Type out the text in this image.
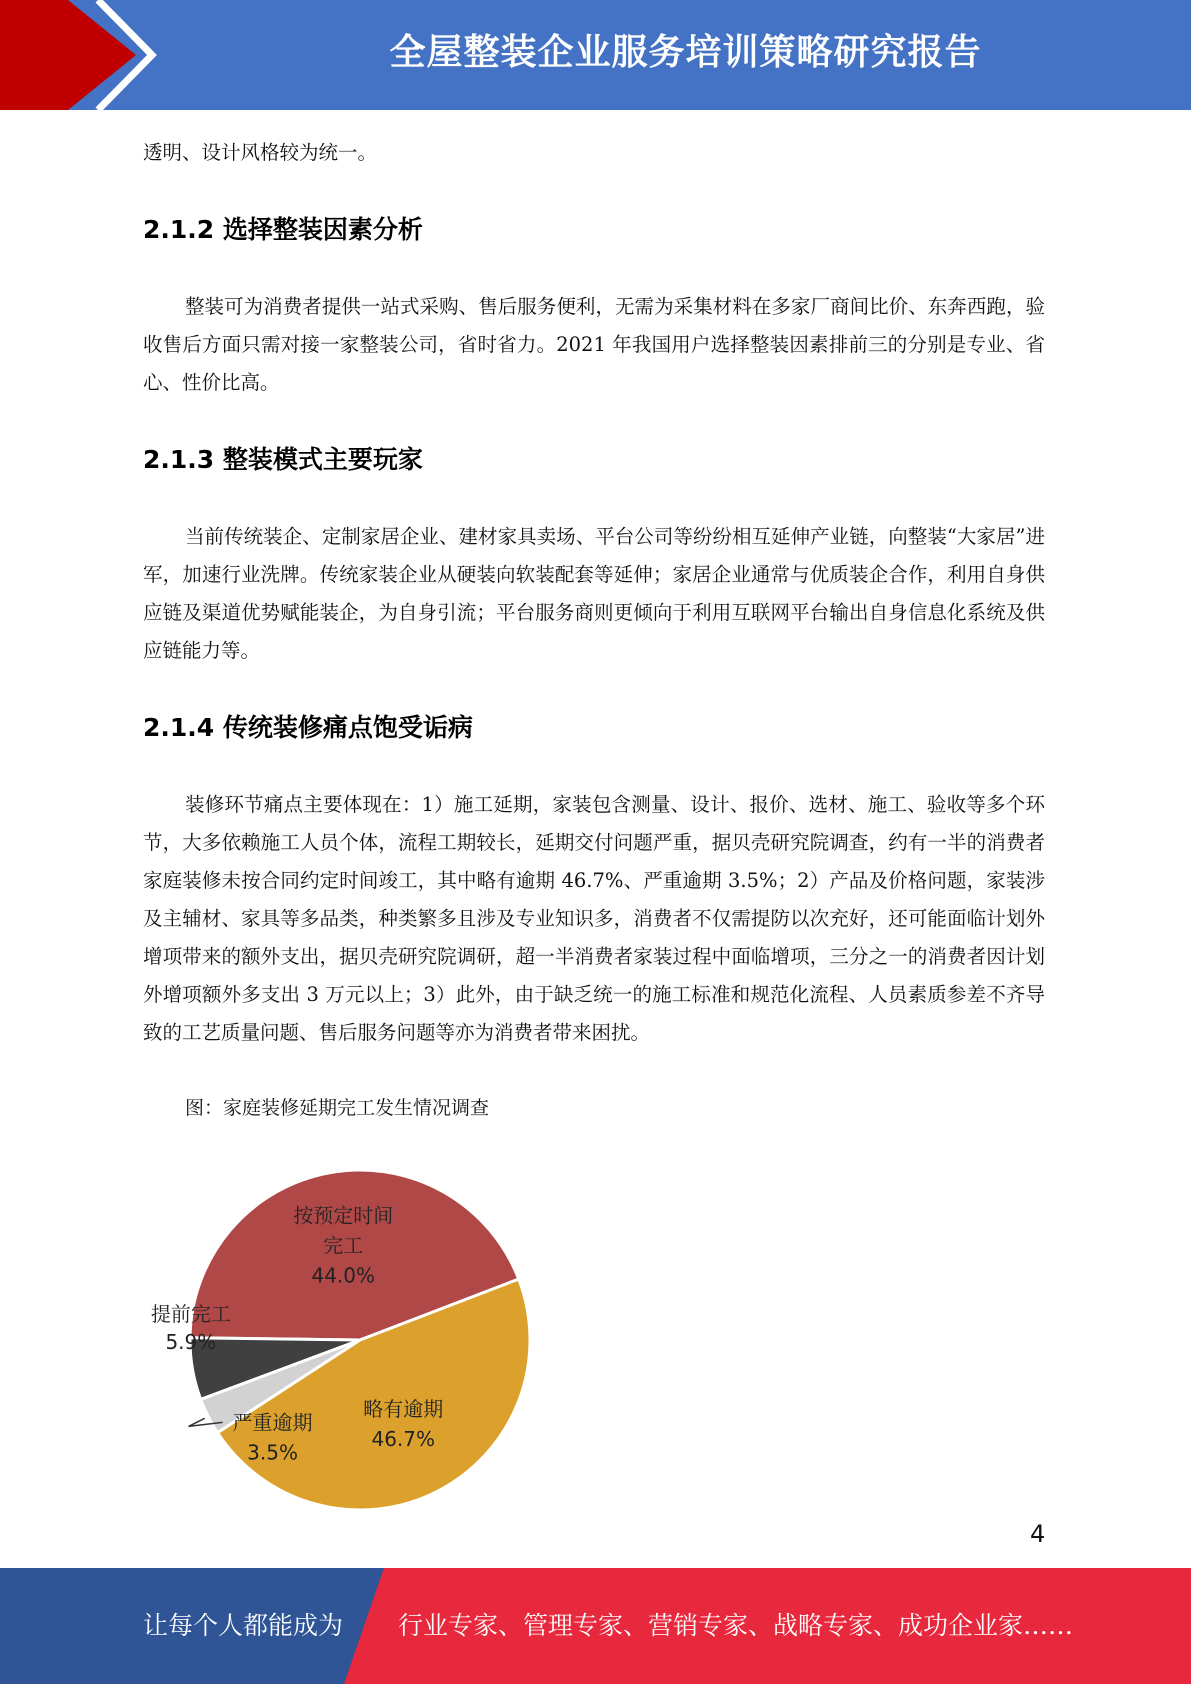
全屋整装企业服务培训策略研究报告

透明、设计风格较为统一。

2.1.2 选择整装因素分析

整装可为消费者提供一站式采购、售后服务便利，无需为采集材料在多家厂商间比价、东奔西跑，验收售后方面只需对接一家整装公司，省时省力。2021 年我国用户选择整装因素排前三的分别是专业、省心、性价比高。

2.1.3 整装模式主要玩家

当前传统装企、定制家居企业、建材家具卖场、平台公司等纷纷相互延伸产业链，向整装“大家居”进军，加速行业洗牌。传统家装企业从硬装向软装配套等延伸；家居企业通常与优质装企合作，利用自身供应链及渠道优势赋能装企，为自身引流；平台服务商则更倾向于利用互联网平台输出自身信息化系统及供应链能力等。

2.1.4 传统装修痛点饱受诟病

装修环节痛点主要体现在：1）施工延期，家装包含测量、设计、报价、选材、施工、验收等多个环节，大多依赖施工人员个体，流程工期较长，延期交付问题严重，据贝壳研究院调查，约有一半的消费者家庭装修未按合同约定时间竣工，其中略有逾期 46.7%、严重逾期 3.5%；2）产品及价格问题，家装涉及主辅材、家具等多品类，种类繁多且涉及专业知识多，消费者不仅需提防以次充好，还可能面临计划外增项带来的额外支出，据贝壳研究院调研，超一半消费者家装过程中面临增项，三分之一的消费者因计划外增项额外多支出 3 万元以上；3）此外，由于缺乏统一的施工标准和规范化流程、人员素质参差不齐导致的工艺质量问题、售后服务问题等亦为消费者带来困扰。

图：家庭装修延期完工发生情况调查
按预定时间
完工
44.0%
提前完工
5.9%
严重逾期
3.5%
略有逾期
46.7%
4
让每个人都能成为 行业专家、管理专家、营销专家、战略专家、成功企业家……
